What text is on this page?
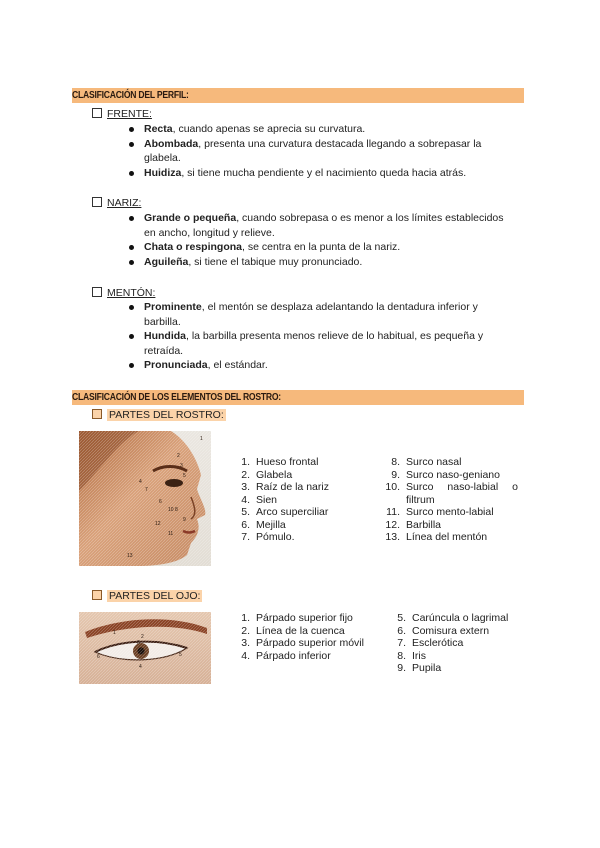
CLASIFICACIÓN DEL PERFIL:
FRENTE:
Recta, cuando apenas se aprecia su curvatura.
Abombada, presenta una curvatura destacada llegando a sobrepasar la glabela.
Huidiza, si tiene mucha pendiente y el nacimiento queda hacia atrás.
NARIZ:
Grande o pequeña, cuando sobrepasa o es menor a los límites establecidos en ancho, longitud y relieve.
Chata o respingona, se centra en la punta de la nariz.
Aguileña, si tiene el tabique muy pronunciado.
MENTÓN:
Prominente, el mentón se desplaza adelantando la dentadura inferior y barbilla.
Hundida, la barbilla presenta menos relieve de lo habitual, es pequeña y retraída.
Pronunciada, el estándar.
CLASIFICACIÓN DE LOS ELEMENTOS DEL ROSTRO:
PARTES DEL ROSTRO:
1
2
3
4
5
6
7
8
9
10
11
12
13
1. Hueso frontal
2. Glabela
3. Raíz de la nariz
4. Sien
5. Arco superciliar
6. Mejilla
7. Pómulo.
8. Surco nasal
9. Surco naso-geniano
10. Surco naso-labial o filtrum
11. Surco mento-labial
12. Barbilla
13. Línea del mentón
PARTES DEL OJO:
1
2
3
4
5
6
1. Párpado superior fijo
2. Línea de la cuenca
3. Párpado superior móvil
4. Párpado inferior
5. Carúncula o lagrimal
6. Comisura extern
7. Esclerótica
8. Iris
9. Pupila
